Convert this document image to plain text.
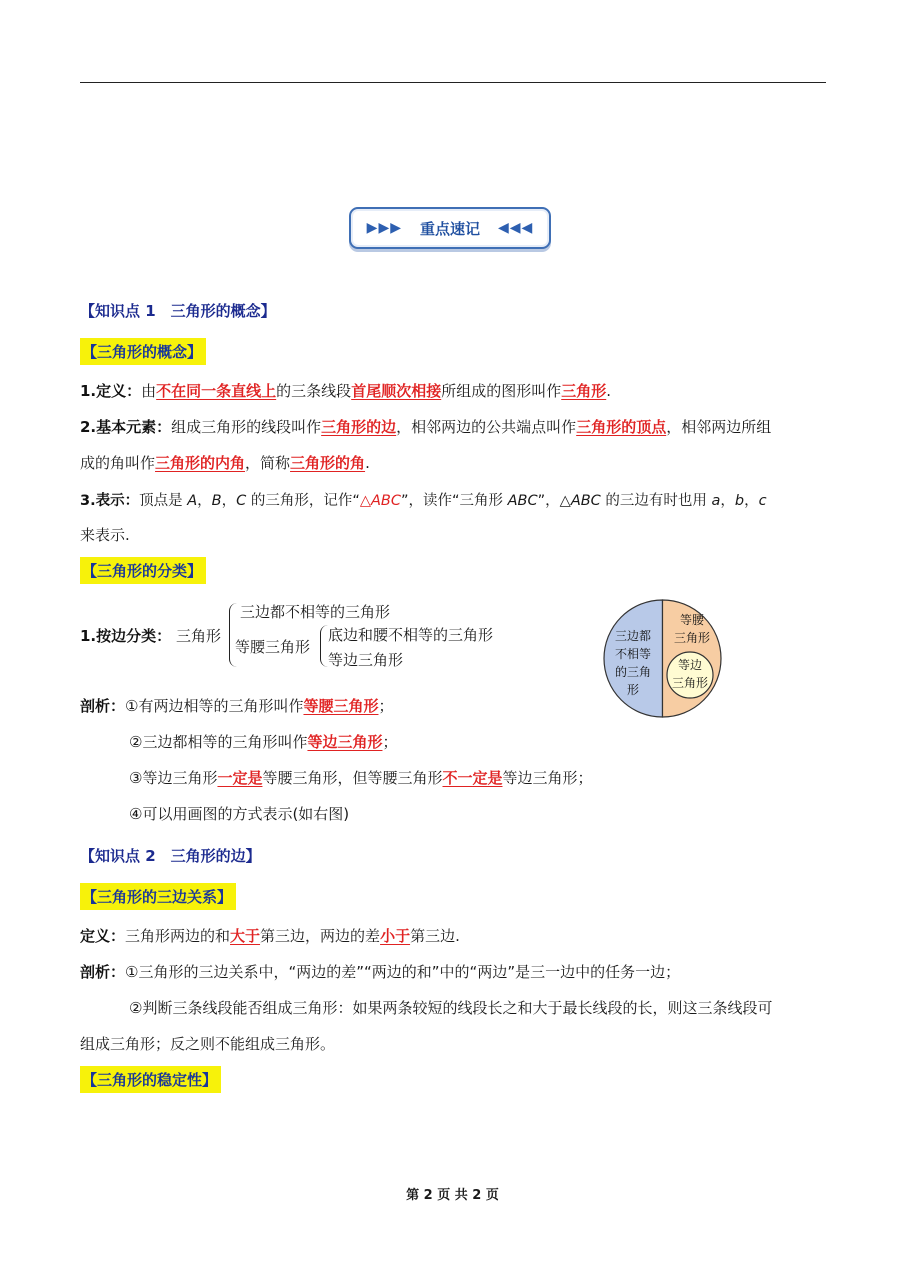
▶▶▶ 重点速记 ◀◀◀
【知识点 1　三角形的概念】
【三角形的概念】
1.定义：由不在同一条直线上的三条线段首尾顺次相接所组成的图形叫作三角形.
2.基本元素：组成三角形的线段叫作三角形的边，相邻两边的公共端点叫作三角形的顶点，相邻两边所组
成的角叫作三角形的内角，简称三角形的角.
3.表示：顶点是 A，B，C 的三角形，记作“△ABC”，读作“三角形 ABC”，△ABC 的三边有时也用 a，b，c
来表示.
【三角形的分类】
1.按边分类： 三角形
三边都不相等的三角形
等腰三角形
底边和腰不相等的三角形
等边三角形
三边都
不相等
的三角
形
等腰
三角形
等边
三角形
剖析：①有两边相等的三角形叫作等腰三角形；
②三边都相等的三角形叫作等边三角形；
③等边三角形一定是等腰三角形，但等腰三角形不一定是等边三角形；
④可以用画图的方式表示(如右图)
【知识点 2　三角形的边】
【三角形的三边关系】
定义：三角形两边的和大于第三边，两边的差小于第三边.
剖析：①三角形的三边关系中，“两边的差”“两边的和”中的“两边”是三一边中的任务一边；
②判断三条线段能否组成三角形：如果两条较短的线段长之和大于最长线段的长，则这三条线段可
组成三角形；反之则不能组成三角形。
【三角形的稳定性】
第 2 页 共 2 页
